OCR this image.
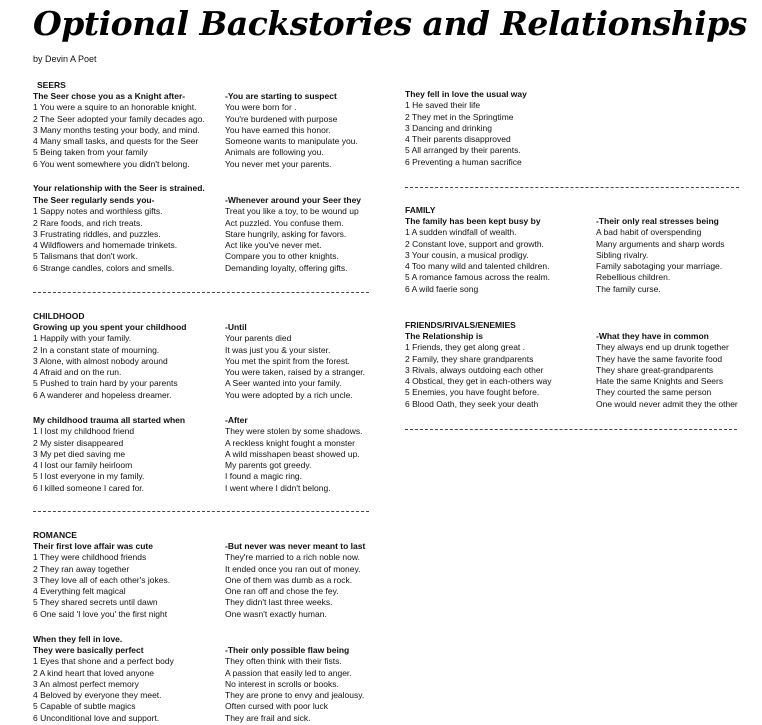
Optional Backstories and Relationships
by Devin A Poet
SEERS
The Seer chose you as a Knight after-
1 You were a squire to an honorable knight.
2 The Seer adopted your family decades ago.
3 Many months testing your body, and mind.
4 Many small tasks, and quests for the Seer
5 Being taken from your family
6 You went somewhere you didn't belong.
-You are starting to suspect
You were born for .
You're burdened with purpose
You have earned this honor.
Someone wants to manipulate you.
Animals are following you.
You never met your parents.
Your relationship with the Seer is strained.
The Seer regularly sends you-
1 Sappy notes and worthless gifts.
2 Rare foods, and rich treats.
3 Frustrating riddles, and puzzles.
4 Wildflowers and homemade trinkets.
5 Talismans that don't work.
6 Strange candles, colors and smells.
-Whenever around your Seer they
Treat you like a toy, to be wound up
Act puzzled. You confuse them.
Stare hungrily, asking for favors.
Act like you've never met.
Compare you to other knights.
Demanding loyalty, offering gifts.
CHILDHOOD
Growing up you spent your childhood
1 Happily with your family.
2 In a constant state of mourning.
3 Alone, with almost nobody around
4 Afraid and on the run.
5 Pushed to train hard by your parents
6 A wanderer and hopeless dreamer.
-Until
Your parents died
It was just you & your sister.
You met the spirit from the forest.
You were taken, raised by a stranger.
A Seer wanted into your family.
You were adopted by a rich uncle.
My childhood trauma all started when
1 I lost my childhood friend
2 My sister disappeared
3 My pet died saving me
4 I lost our family heirloom
5 I lost everyone in my family.
6 I killed someone I cared for.
-After
They were stolen by some shadows.
A reckless knight fought a monster
A wild misshapen beast showed up.
My parents got greedy.
I found a magic ring.
I went where I didn't belong.
ROMANCE
Their first love affair was cute
1 They were childhood friends
2 They ran away together
3 They love all of each other's jokes.
4 Everything felt magical
5 They shared secrets until dawn
6 One said 'I love you' the first night
-But never was never meant to last
They're married to a rich noble now.
It ended once you ran out of money.
One of them was dumb as a rock.
One ran off and chose the fey.
They didn't last three weeks.
One wasn't exactly human.
When they fell in love.
They were basically perfect
1 Eyes that shone and a perfect body
2 A kind heart that loved anyone
3 An almost perfect memory
4 Beloved by everyone they meet.
5 Capable of subtle magics
6 Unconditional love and support.
-Their only possible flaw being
They often think with their fists.
A passion that easily led to anger.
No interest in scrolls or books.
They are prone to envy and jealousy.
Often cursed with poor luck
They are frail and sick.
They fell in love the usual way
1 He saved their life
2 They met in the Springtime
3 Dancing and drinking
4 Their parents disapproved
5 All arranged by their parents.
6 Preventing a human sacrifice
FAMILY
The family has been kept busy by
1 A sudden windfall of wealth.
2 Constant love, support and growth.
3 Your cousin, a musical prodigy.
4 Too many wild and talented children.
5 A romance famous across the realm.
6 A wild faerie song
-Their only real stresses being
A bad habit of overspending
Many arguments and sharp words
Sibling rivalry.
Family sabotaging your marriage.
Rebellious children.
The family curse.
FRIENDS/RIVALS/ENEMIES
The Relationship is
1 Friends, they get along great .
2 Family, they share grandparents
3 Rivals, always outdoing each other
4 Obstical, they get in each-others way
5 Enemies, you have fought before.
6 Blood Oath, they seek your death
-What they have in common
They always end up drunk together
They have the same favorite food
They share great-grandparents
Hate the same Knights and Seers
They courted the same person
One would never admit they the other
